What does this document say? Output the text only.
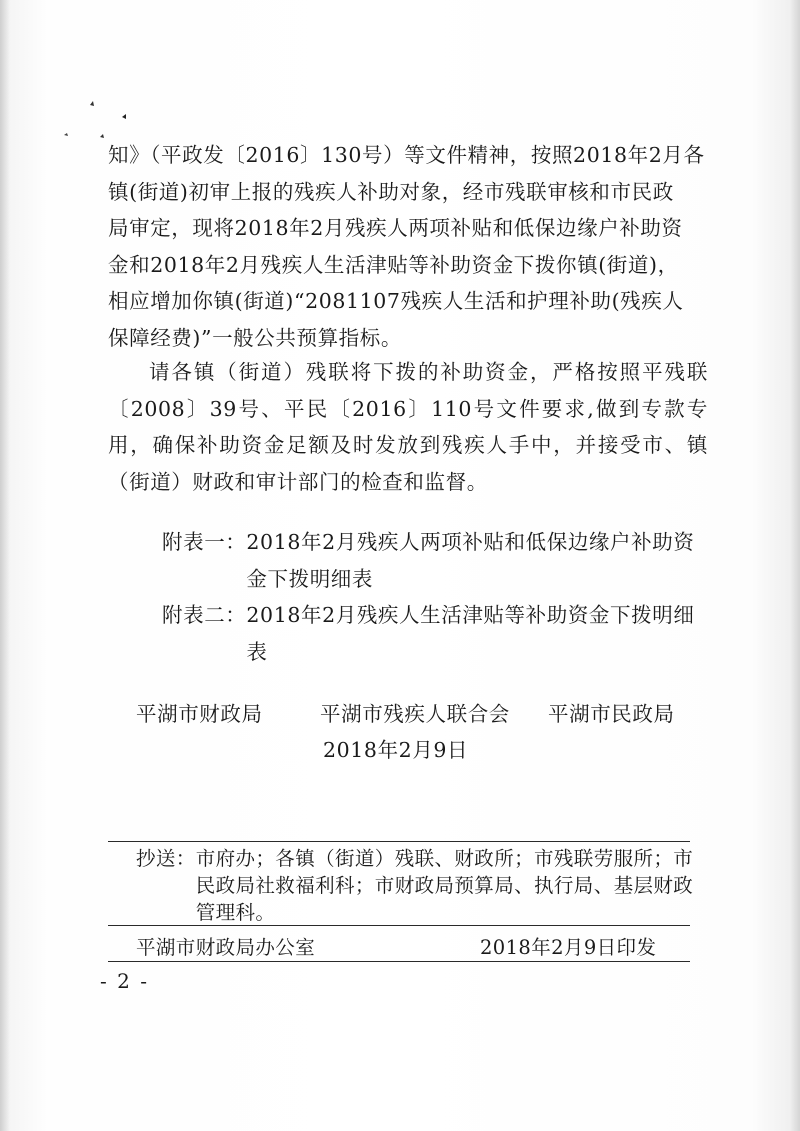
知》（平政发〔2016〕130号）等文件精神，按照2018年2月各

镇(街道)初审上报的残疾人补助对象，经市残联审核和市民政

局审定，现将2018年2月残疾人两项补贴和低保边缘户补助资

金和2018年2月残疾人生活津贴等补助资金下拨你镇(街道)，

相应增加你镇(街道)“2081107残疾人生活和护理补助(残疾人

保障经费)”一般公共预算指标。

请各镇（街道）残联将下拨的补助资金，严格按照平残联〔2008〕39号、平民〔2016〕110号文件要求,做到专款专用，确保补助资金足额及时发放到残疾人手中，并接受市、镇（街道）财政和审计部门的检查和监督。

附表一： 2018年2月残疾人两项补贴和低保边缘户补助资金下拨明细表
附表二： 2018年2月残疾人生活津贴等补助资金下拨明细表
平湖市财政局	平湖市残疾人联合会 平湖市民政局
2018年2月9日
抄送： 市府办；各镇（街道）残联、财政所；市残联劳服所；市民政局社救福利科；市财政局预算局、执行局、基层财政管理科。
平湖市财政局办公室	2018年2月9日印发
- 2 -
